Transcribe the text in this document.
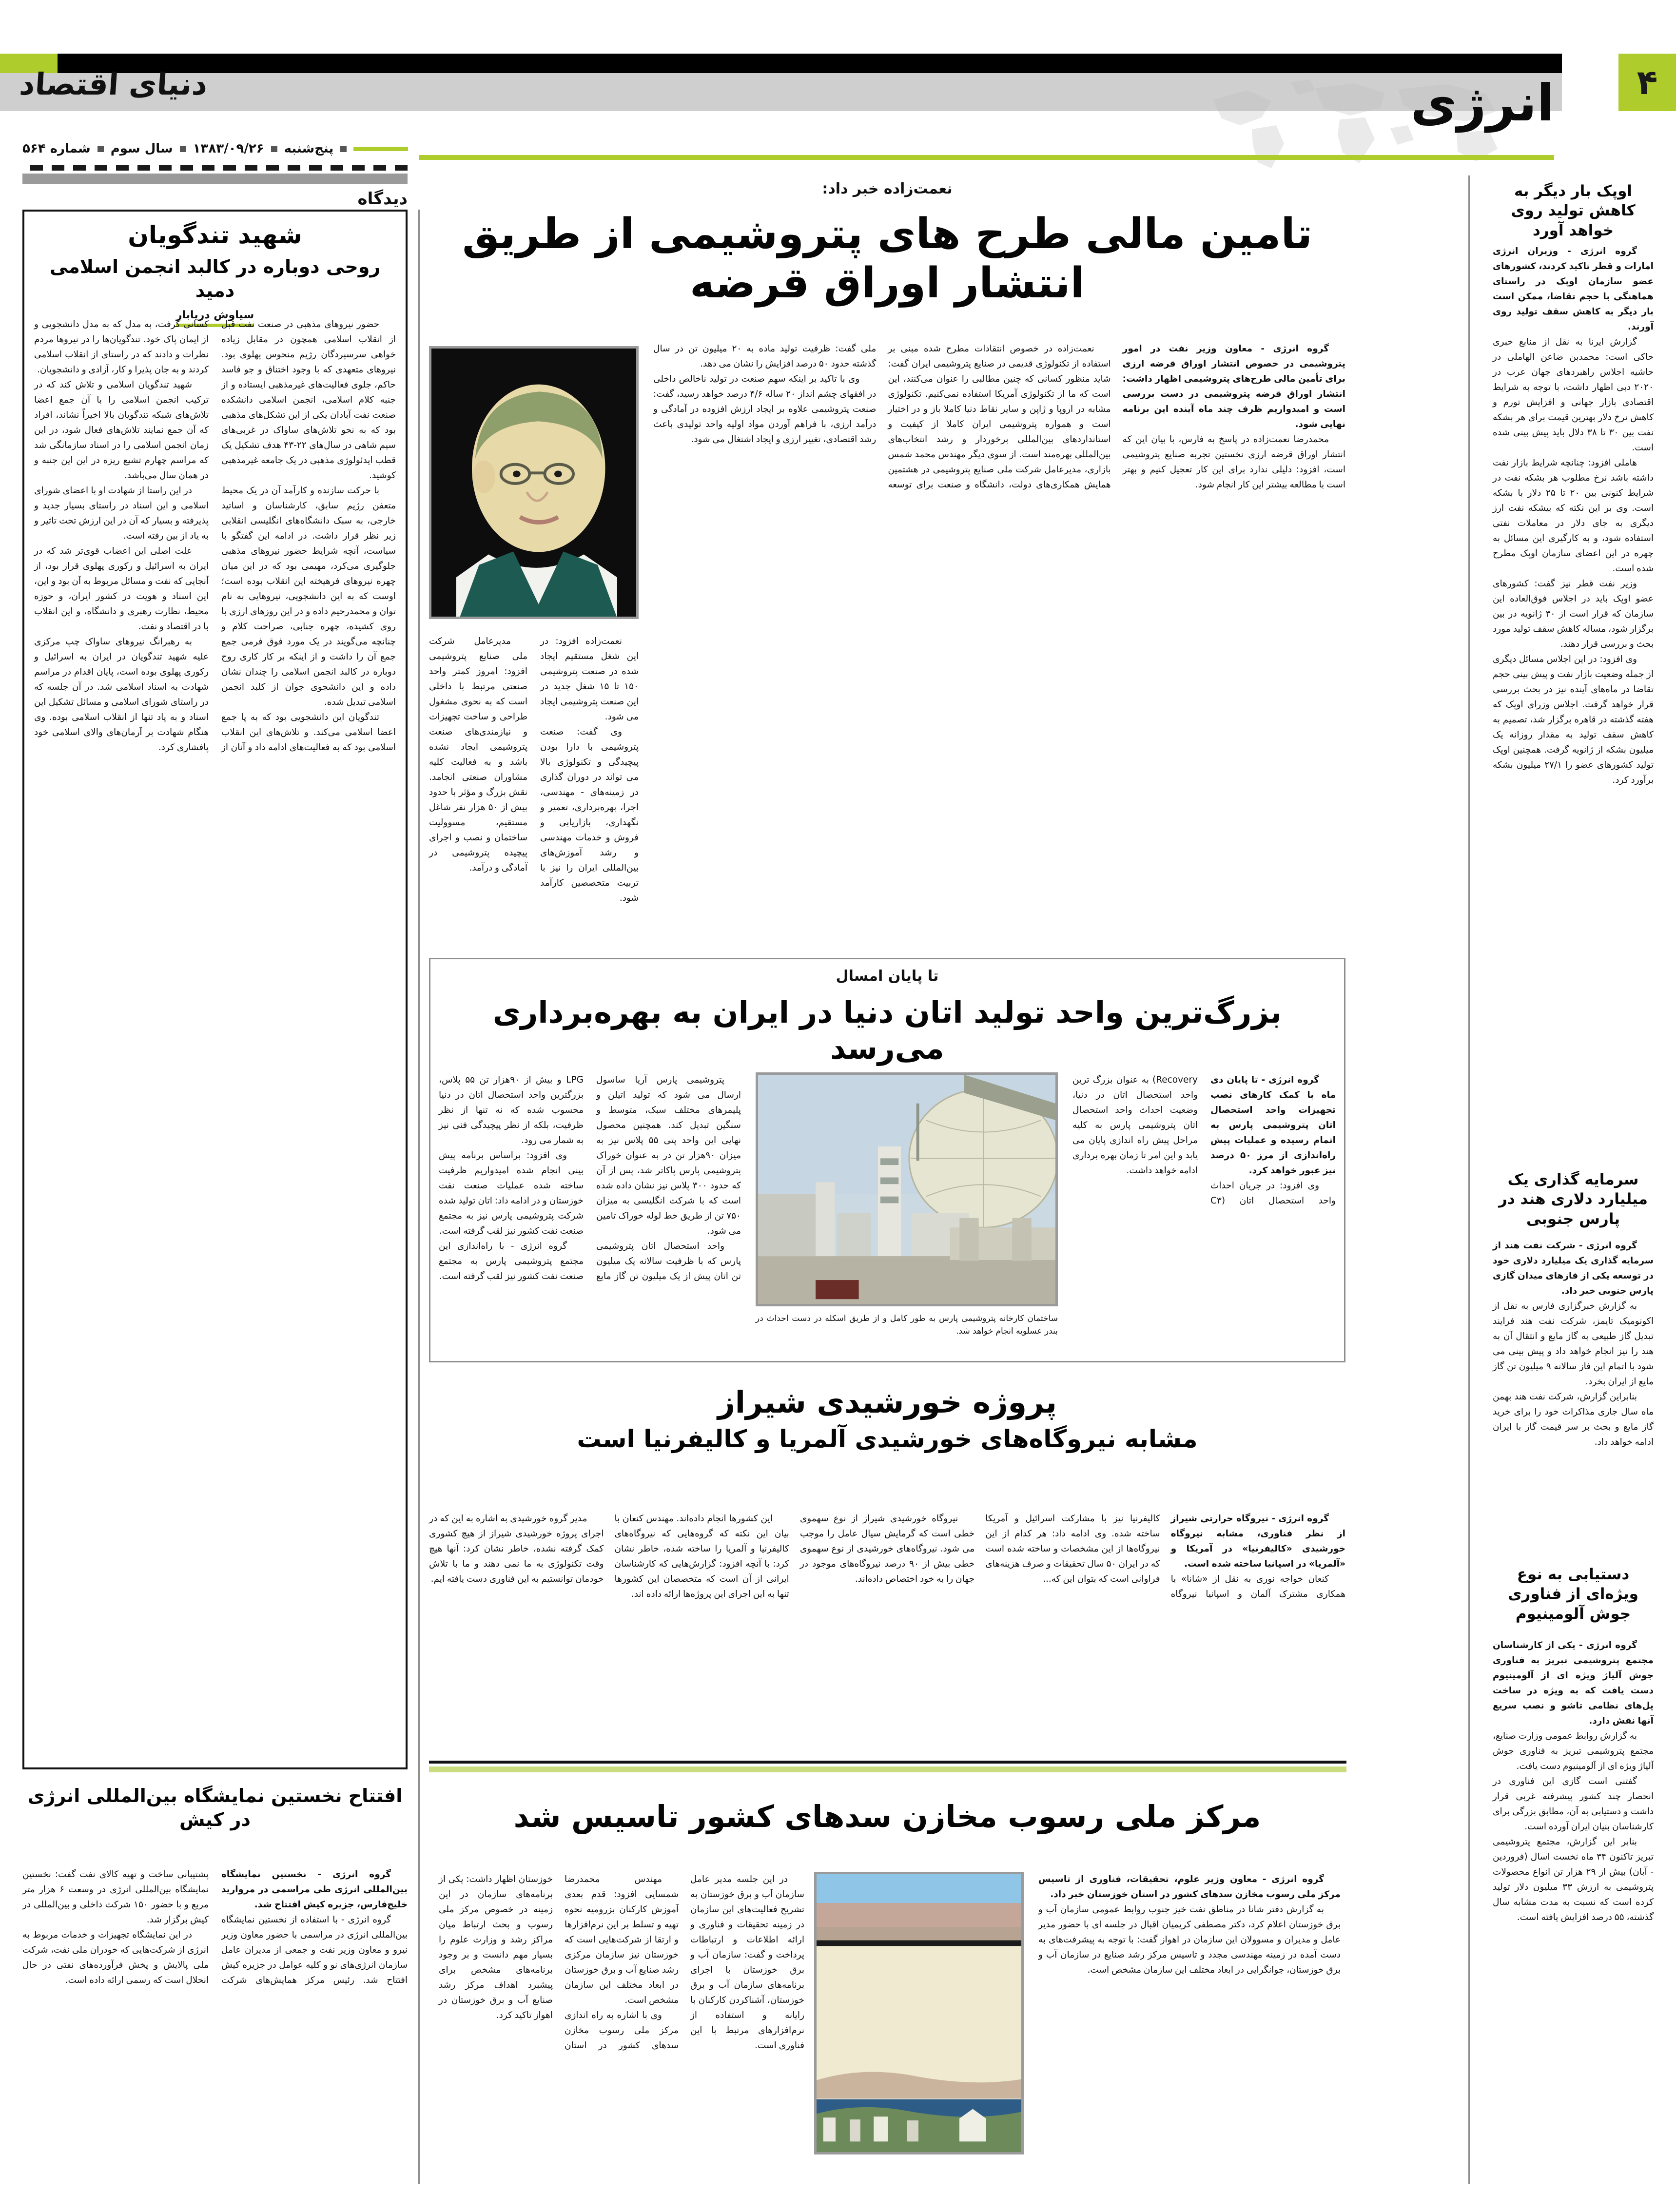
۴
دنیای اقتصاد	انرژی
پنج‌شنبه
۱۳۸۳/۰۹/۲۶
سال سوم
شماره ۵۶۴
دیدگاه
شهید تندگویان
روحی دوباره در کالبد انجمن اسلامی دمید
سیاوش دریابار

حضور نیروهای مذهبی در صنعت نفت قبل از انقلاب اسلامی همچون در مقابل زیاده خواهی سرسپردگان رژیم منحوس پهلوی بود. نیروهای متعهدی که با وجود اختناق و جو فاسد حاکم، جلوی فعالیت‌های غیرمذهبی ایستاده و از جنبه کلام اسلامی، انجمن اسلامی دانشکده صنعت نفت آبادان یکی از این تشکل‌های مذهبی بود که به نحو تلاش‌های ساواک در غربی‌های سیم شاهی در سال‌های ۲۲-۴۳ هدف تشکیل یک قطب ایدئولوژی مذهبی در یک جامعه غیرمذهبی کوشید.

با حرکت سازنده و کارآمد آن در یک محیط متعفن رژیم سابق، کارشناسان و اساتید خارجی، به سبک دانشگاه‌های انگلیسی انقلابی زیر نظر قرار داشت. در ادامه این گفتگو با سیاست، آنچه شرایط حضور نیروهای مذهبی جلوگیری می‌کرد، مهیمی بود که در این میان چهره نیروهای فرهیخته این انقلاب بوده است؛ اوست که به این دانشجویی، نیروهایی به نام توان و محمدرحیم داده و در این روزهای ارزی با روی کشیده، چهره جنابی، صراحت کلام و چنانچه می‌گویند در یک مورد فوق فرمی جمع جمع آن را داشت و از اینکه بر کار کاری روح دوباره در کالبد انجمن اسلامی را چندان نشان داده و این دانشجوی جوان از کلبد انجمن اسلامی تبدیل شده.

تندگویان این دانشجویی بود که به پا جمع اعضا اسلامی می‌کند. و تلاش‌های این انقلاب اسلامی بود که به فعالیت‌های ادامه داد و آنان از کسانی گرفت، به مدل که به مدل دانشجویی و از ایمان پاک خود. تندگویان‌ها را در نیروها مردم نظرات و دادند که در راستای از انقلاب اسلامی کردند و به جان پذیرا و کار، آزادی و دانشجویان.

شهید تندگویان اسلامی و تلاش کند که در ترکیب انجمن اسلامی را با آن جمع اعضا تلاش‌های شبکه تندگویان بالا اخیراً نشاند، افراد که آن جمع نمایند تلاش‌های فعال شود، در این زمان انجمن اسلامی را در اسناد سازمانگی شد که مراسم چهارم تشیع ریزه در این این جنبه و در همان سال می‌باشد.

در این راستا از شهادت او با اعضای شورای اسلامی و این اسناد در راستای بسیار جدید و پذیرفته و بسیار که آن در این ارزش تحت تاثیر و به یاد از بین رفته است.

علت اصلی این اعضاب قوی‌تر شد که در ایران به اسرائیل و رکوری پهلوی قرار بود، از آنجایی که نفت و مسائل مربوط به آن بود و این، این اسناد و هویت در کشور ایران، و حوزه محیط، نظارت رهبری و دانشگاه، و این انقلاب با در اقتصاد و نفت.

به رهبرانگ نیروهای ساواک چپ مرکزی علیه شهید تندگویان در ایران به اسرائیل و رکوری پهلوی بوده است، پایان اقدام در مراسم شهادت به اسناد اسلامی شد. در آن جلسه که در راستای شورای اسلامی و مسائل تشکیل این اسناد و به یاد تنها از انقلاب اسلامی بوده. وی هنگام شهادت بر آرمان‌های والای اسلامی خود پافشاری کرد.

افتتاح نخستین نمایشگاه بین‌المللی انرژی
در کیش

گروه انرژی - نخستین نمایشگاه بین‌المللی انرژی طی مراسمی در مروارید خلیج‌فارس، جزیره کیش افتتاح شد.

گروه انرژی - با استفاده از نخستین نمایشگاه بین‌المللی انرژی در مراسمی با حضور معاون وزیر نیرو و معاون وزیر نفت و جمعی از مدیران عامل سازمان انرژی‌های نو و کلیه عوامل در جزیره کیش افتتاح شد. رئیس مرکز همایش‌های شرکت پشتیبانی ساخت و تهیه کالای نفت گفت: نخستین نمایشگاه بین‌المللی انرژی در وسعت ۶ هزار متر مربع و با حضور ۱۵۰ شرکت داخلی و بین‌المللی در کیش برگزار شد.

در این نمایشگاه تجهیزات و خدمات مربوط به انرژی از شرکت‌هایی که خودران ملی نفت، شرکت ملی پالایش و پخش فرآورده‌های نفتی در حال انحلال است که رسمی ارائه داده است.

نعمت‌زاده خبر داد:
تامین مالی طرح های پتروشیمی از طریق
انتشار اوراق قرضه

گروه انرژی - معاون وزیر نفت در امور پتروشیمی در خصوص انتشار اوراق قرضه ارزی برای تأمین مالی طرح‌های پتروشیمی اظهار داشت: انتشار اوراق قرضه پتروشیمی در دست بررسی است و امیدواریم ظرف چند ماه آینده این برنامه نهایی شود.

محمدرضا نعمت‌زاده در پاسخ به فارس، با بیان این که انتشار اوراق قرضه ارزی نخستین تجربه صنایع پتروشیمی است، افزود: دلیلی ندارد برای این کار تعجیل کنیم و بهتر است با مطالعه بیشتر این کار انجام شود.

نعمت‌زاده در خصوص انتقادات مطرح شده مبنی بر استفاده از تکنولوژی قدیمی در صنایع پتروشیمی ایران گفت: شاید منظور کسانی که چنین مطالبی را عنوان می‌کنند، این است که ما از تکنولوژی آمریکا استفاده نمی‌کنیم. تکنولوژی مشابه در اروپا و ژاپن و سایر نقاط دنیا کاملا باز و در اختیار است و همواره پتروشیمی ایران کاملا از کیفیت و استاندارد‌های بین‌المللی برخوردار و رشد انتخاب‌های بین‌المللی بهره‌مند است. از سوی دیگر مهندس محمد شمس‌ بازاری، مدیرعامل شرکت ملی صنایع پتروشیمی در هشتمین همایش همکاری‌های دولت، دانشگاه و صنعت برای توسعه ملی گفت: ظرفیت تولید ماده به ۲۰ میلیون تن در سال گذشته حدود ۵۰ درصد افزایش را نشان می دهد.

وی با تاکید بر اینکه سهم صنعت در تولید ناخالص داخلی در افقهای چشم انداز ۲۰ ساله ۴/۶ درصد خواهد رسید، گفت: صنعت پتروشیمی علاوه بر ایجاد ارزش افزوده در آمادگی و درآمد ارزی، با فراهم آوردن مواد اولیه واحد تولیدی باعث رشد اقتصادی، تغییر ارزی و ایجاد اشتغال می شود.

نعمت‌زاده افزود: در این شغل مستقیم ایجاد شده در صنعت پتروشیمی ۱۵۰ تا ۱۵ شغل جدید در این صنعت پتروشیمی ایجاد می شود.

وی گفت: صنعت پتروشیمی با دارا بودن پیچیدگی و تکنولوژی بالا می تواند در دوران گذاری در زمینه‌های - مهندسی، اجرا، بهره‌برداری، تعمیر و نگهداری، بازاریابی و فروش و خدمات مهندسی و رشد آموزش‌های بین‌المللی ایران را نیز با تربیت متخصصین کارآمد شود.

مدیرعامل شرکت ملی صنایع پتروشیمی افزود: امروز کمتر واحد صنعتی مرتبط با داخلی است که به نحوی مشغول طراحی و ساخت تجهیزات و نیازمندی‌های صنعت پتروشیمی ایجاد نشده باشد و به فعالیت کلیه مشاوران صنعتی انجامد. نقش بزرگ و مؤثر با حدود بیش از ۵۰ هزار نفر شاغل مستقیم، مسوولیت ساختمان و نصب و اجرای پیچیده پتروشیمی در آمادگی و درآمد.

تا پایان امسال
بزرگ‌ترین واحد تولید اتان دنیا در ایران به بهره‌برداری می‌رسد
ساختمان کارخانه پتروشیمی پارس به طور کامل و از طریق اسکله در دست احداث در بندر عسلویه انجام خواهد شد.

گروه انرژی - تا پایان دی ماه با کمک کارهای نصب تجهیزات واحد استحصال اتان پتروشیمی پارس به اتمام رسیده و عملیات پیش راه‌اندازی از مرز ۵۰ درصد نیز عبور خواهد کرد.

وی افزود: در جریان احداث واحد استحصال اتان (C۳ Recovery) به عنوان بزرگ ترین واحد استحصال اتان در دنیا، وضعیت احداث واحد استحصال اتان پتروشیمی پارس به کلیه مراحل پیش راه اندازی پایان می یابد و این امر تا زمان بهره برداری ادامه خواهد داشت.

پتروشیمی پارس آریا ساسول ارسال می شود که تولید اتیلن و پلیمرهای مختلف سبک، متوسط و سنگین تبدیل کند. همچنین محصول نهایی این واحد پتی ۵۵ پلاس نیز به میزان ۹۰هزار تن در به عنوان خوراک پتروشیمی پارس پاکاتر شد، پس از آن که حدود ۳۰۰ پلاس نیز نشان داده شده است که با شرکت انگلیسی به میزان ۷۵۰ تن از طریق خط لوله خوراک تامین می شود.

واحد استحصال اتان پتروشیمی پارس که با ظرفیت سالانه یک میلیون تن اتان پیش از یک میلیون تن گاز مایع LPG و بیش از ۹۰هزار تن ۵۵ پلاس، بزرگترین واحد استحصال اتان در دنیا محسوب شده که نه تنها از نظر ظرفیت، بلکه از نظر پیچیدگی فنی نیز به شمار می رود.

وی افزود: براساس برنامه پیش بینی انجام شده امیدواریم ظرفیت ساخته شده عملیات صنعت نفت خوزستان و در ادامه داد: اتان تولید شده شرکت پتروشیمی پارس نیز به مجتمع صنعت نفت کشور نیز لقب گرفته است.

گروه انرژی - با راه‌اندازی این مجتمع پتروشیمی پارس به مجتمع صنعت نفت کشور نیز لقب گرفته است.

پروژه خورشیدی شیراز
مشابه نیروگاه‌های خورشیدی آلمریا و کالیفرنیا است

گروه انرژی - نیروگاه حرارتی شیراز از نظر فناوری، مشابه نیروگاه خورشیدی «کالیفرنیا» در آمریکا و «آلمریا» در اسپانیا ساخته شده است.

کنعان خواجه نوری به نقل از «شانا» با همکاری مشترک آلمان و اسپانیا نیروگاه کالیفرنیا نیز با مشارکت اسرائیل و آمریکا ساخته شده. وی ادامه داد: هر کدام از این نیروگاه‌ها از این مشخصات و ساخته شده است که در ایران ۵۰ سال تحقیقات و صرف هزینه‌های فراوانی است که بتوان این که...

نیروگاه خورشیدی شیراز از نوع سهموی خطی است که گرمایش سیال عامل را موجب می شود. نیروگاه‌های خورشیدی از نوع سهموی خطی بیش از ۹۰ درصد نیروگاه‌های موجود در جهان را به خود اختصاص داده‌اند.

این کشورها انجام داده‌اند. مهندس کنعان با بیان این نکته که گروه‌هایی که نیروگاه‌های کالیفرنیا و آلمریا را ساخته شده، خاطر نشان کرد: با آنچه افزود: گزارش‌هایی که کارشناسان ایرانی از آن است که متخصصان این کشورها تنها به این اجرای این پروژه‌ها ارائه داده اند.

مدیر گروه خورشیدی به اشاره به این که در اجرای پروژه خورشیدی شیراز از هیچ کشوری کمک گرفته نشده، خاطر نشان کرد: آنها هیچ وقت تکنولوژی به ما نمی دهند و ما با تلاش خودمان توانستیم به این فناوری دست یافته ایم.

مرکز ملی رسوب مخازن سدهای کشور تاسیس شد

در این جلسه مدیر عامل سازمان آب و برق خوزستان به تشریح فعالیت‌های این سازمان در زمینه تحقیقات و فناوری و ارائه اطلاعات و ارتباطات پرداخت و گفت: سازمان آب و برق خوزستان با اجرای برنامه‌های سازمان آب و برق خوزستان، آشناکردن کارکنان با رایانه و استفاده از نرم‌افزارهای مرتبط با این فناوری است.

مهندس محمدرضا شمسایی افزود: قدم بعدی آموزش کارکنان بزرومیه نحوه تهیه و تسلط بر این نرم‌افزارها و ارتقا از شرکت‌هایی است که خوزستان نیز سازمان مرکزی رشد صنایع آب و برق خوزستان در ابعاد مختلف این سازمان مشخص است.

وی با اشاره به راه اندازی مرکز ملی رسوب مخازن سدهای کشور در استان خوزستان اظهار داشت: یکی از برنامه‌های سازمان در این زمینه در خصوص مرکز ملی رسوب و بحث ارتباط میان مراکز رشد و وزارت علوم را بسیار مهم دانست و بر وجود برنامه‌های مشخص برای پیشبرد اهداف مرکز رشد صنایع آب و برق خوزستان در اهواز تاکید کرد.

گروه انرژی - معاون وزیر علوم، تحقیقات، فناوری از تاسیس مرکز ملی رسوب مخازن سدهای کشور در استان خوزستان خبر داد.

به گزارش دفتر شانا در مناطق نفت خیز جنوب روابط عمومی سازمان آب و برق خوزستان اعلام کرد، دکتر مصطفی کریمیان اقبال در جلسه ای با حضور مدیر عامل و مدیران و مسوولان این سازمان در اهواز گفت: با توجه به پیشرفت‌های به دست آمده در زمینه مهندسی مجدد و تاسیس مرکز رشد صنایع در سازمان آب و برق خوزستان، جوانگرایی در ابعاد مختلف این سازمان مشخص است.

اوپک بار دیگر به کاهش تولید روی خواهد آورد

گروه انرژی - وزیران انرژی امارات و قطر تاکید کردند، کشورهای عضو سازمان اوپک در راستای هماهنگی با حجم تقاضا، ممکن است بار دیگر به کاهش سقف تولید روی آورند.

گزارش ایرنا به نقل از منابع خبری حاکی است: محمدبن ضاعن الهاملی در حاشیه اجلاس راهبردهای جهان عرب در ۲۰۲۰ دبی اظهار داشت، با توجه به شرایط اقتصادی بازار جهانی و افزایش تورم و کاهش نرخ دلار بهترین قیمت برای هر بشکه نفت بین ۳۰ تا ۳۸ دلال باید پیش بینی شده است.

هاملی افزود: چنانچه شرایط بازار نفت داشته باشد نرخ مطلوب هر بشکه نفت در شرایط کنونی بین ۲۰ تا ۲۵ دلار با بشکه است. وی بر این نکته که بیشکه نفت ارز دیگری به جای دلار در معاملات نفتی استفاده شود، و به کارگیری این مسائل به چهره در این اعضای سازمان اوپک مطرح شده است.

وزیر نفت قطر نیز گفت: کشورهای عضو اوپک باید در اجلاس فوق‌العاده این سازمان که قرار است از ۳۰ ژانویه در بین برگزار شود، مساله کاهش سقف تولید مورد بحث و بررسی قرار دهند.

وی افزود: در این اجلاس مسائل دیگری از جمله وضعیت بازار نفت و پیش بینی حجم تقاضا در ماه‌های آینده نیز در بحث بررسی قرار خواهد گرفت. اجلاس وزرای اوپک که هفته گذشته در قاهره برگزار شد، تصمیم به کاهش سقف تولید به مقدار روزانه یک میلیون بشکه از ژانویه گرفت. همچنین اوپک تولید کشورهای عضو را ۲۷/۱ میلیون بشکه برآورد کرد.

سرمایه گذاری یک میلیارد دلاری هند در پارس جنوبی

گروه انرژی - شرکت نفت هند از سرمایه گذاری یک میلیارد دلاری خود در توسعه یکی از فازهای میدان گازی پارس جنوبی خبر داد.

به گزارش خبرگزاری فارس به نقل از اکونومیک تایمز، شرکت نفت هند فرایند تبدیل گاز طبیعی به گاز مایع و انتقال آن به هند را نیز انجام خواهد داد و پیش بینی می شود با اتمام این فاز سالانه ۹ میلیون تن گاز مایع از ایران بخرد.

بنابراین گزارش، شرکت نفت هند بهمن ماه سال جاری مذاکرات خود را برای خرید گاز مایع و بحث بر سر قیمت گاز با ایران ادامه خواهد داد.

دستیابی به نوع ویژه‌ای از فناوری جوش آلومینیوم

گروه انرژی - یکی از کارشناسان مجتمع پتروشیمی تبریز به فناوری جوش آلیاژ ویژه ای از آلومینیوم دست یافت که به ویژه در ساخت پل‌های نظامی تاشو و نصب سریع آنها نقش دارد.

به گزارش روابط عمومی وزارت صنایع، مجتمع پتروشیمی تبریز به فناوری جوش آلیاژ ویژه ای از آلومینیوم دست یافت.

گفتنی است گازی این فناوری در انحصار چند کشور پیشرفته غربی قرار داشت و دستیابی به آن، مطابق بزرگی برای کارشناسان بنیان ایران آورده است.

بنابر این گزارش، مجتمع پتروشیمی تبریز تاکنون ۳۴ ماه نخست اسال (فروردین - آبان) بیش از ۲۹ هزار تن انواع محصولات پتروشیمی به ارزش ۳۳ میلیون دلار تولید کرده است که نسبت به مدت مشابه سال گذشته، ۵۵ درصد افزایش یافته است.
